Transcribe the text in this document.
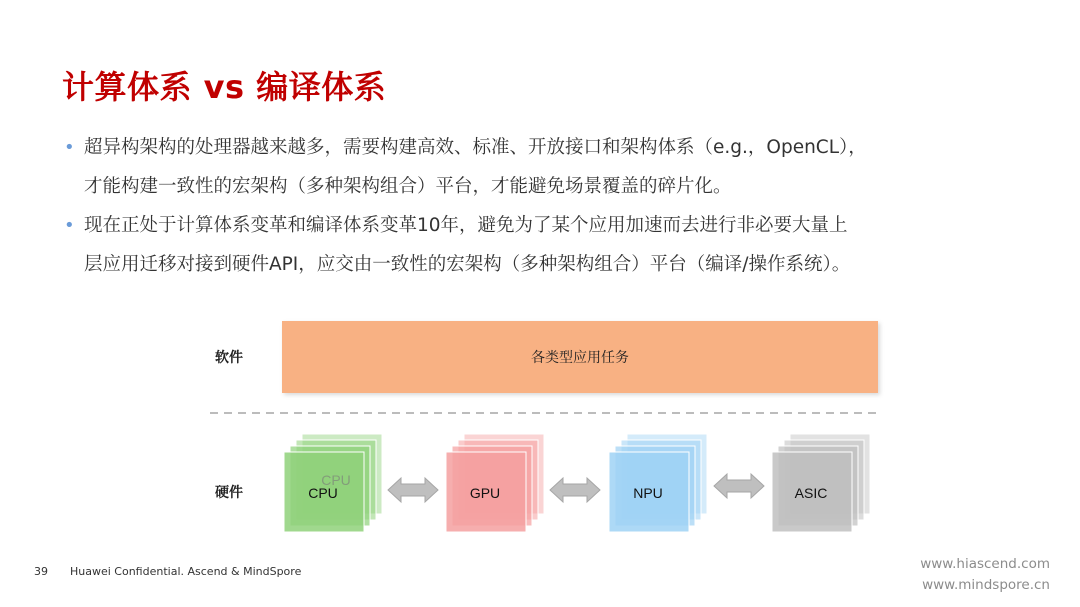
计算体系 vs 编译体系
• 超异构架构的处理器越来越多，需要构建高效、标准、开放接口和架构体系（e.g.，OpenCL），
才能构建一致性的宏架构（多种架构组合）平台，才能避免场景覆盖的碎片化。
• 现在正处于计算体系变革和编译体系变革10年，避免为了某个应用加速而去进行非必要大量上
层应用迁移对接到硬件API，应交由一致性的宏架构（多种架构组合）平台（编译/操作系统）。
软件	各类型应用任务
硬件
CPU
CPU	GPU	NPU	ASIC
39 Huawei Confidential. Ascend & MindSpore	www.hiascend.com
www.mindspore.cn
